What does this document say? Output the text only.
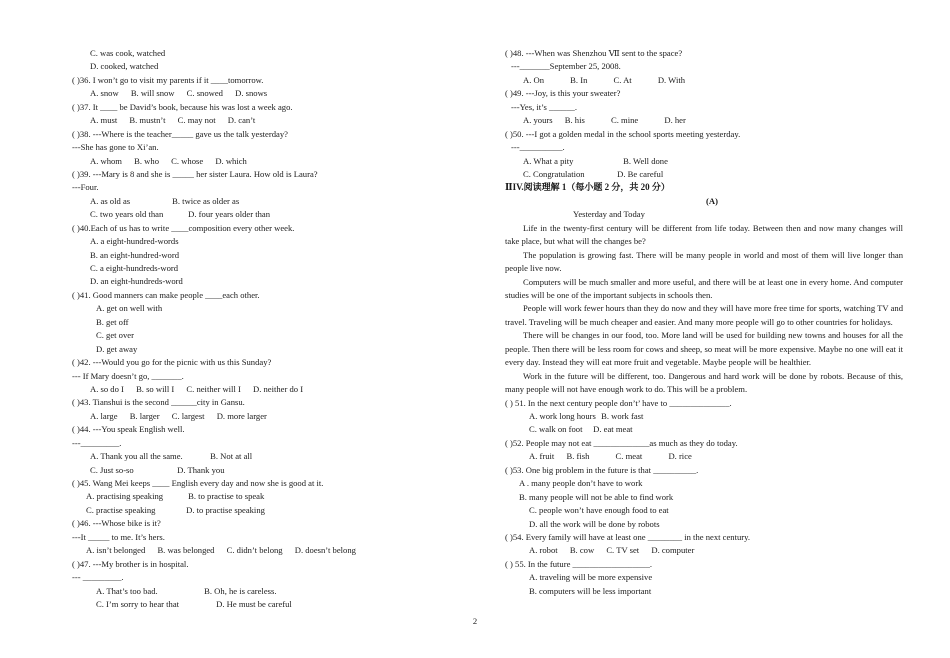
C. was cook, watched
D. cooked, watched
( )36. I won’t go to visit my parents if it ____tomorrow.
A. snow B. will snow C. snowed D. snows
( )37. It ____ be David’s book, because his was lost a week ago.
A. must B. mustn’t C. may not D. can’t
( )38. ---Where is the teacher_____ gave us the talk yesterday?
---She has gone to Xi’an.
A. whom B. who C. whose D. which
( )39. ---Mary is 8 and she is _____ her sister Laura. How old is Laura?
---Four.
A. as old as	B. twice as older as
C. two years old than	D. four years older than
( )40.Each of us has to write ____composition every other week.
A. a eight-hundred-words
B. an eight-hundred-word
C. a eight-hundreds-word
D. an eight-hundreds-word
( )41. Good manners can make people ____each other.
A. get on well with
B. get off
C. get over
D. get away
( )42. ---Would you go for the picnic with us this Sunday?
--- If Mary doesn’t go, _______.
A. so do I B. so will I C. neither will I D. neither do I
( )43. Tianshui is the second ______city in Gansu.
A. large B. larger C. largest D. more larger
( )44. ---You speak English well.
---_________.
A. Thank you all the same.	B. Not at all
C. Just so-so	D. Thank you
( )45. Wang Mei keeps ____ English every day and now she is good at it.
A. practising speaking	B. to practise to speak
C. practise speaking	D. to practise speaking
( )46. ---Whose bike is it?
---It _____ to me. It’s hers.
A. isn’t belonged B. was belonged C. didn’t belong D. doesn’t belong
( )47. ---My brother is in hospital.
--- _________.
A. That’s too bad.	B. Oh, he is careless.
C. I’m sorry to hear that	D. He must be careful
( )48. ---When was Shenzhou Ⅶ sent to the space?
---_______September 25, 2008.
A. On	B. In	C. At	D. With
( )49. ---Joy, is this your sweater?
---Yes, it’s ______.
A. yours B. his	C. mine	D. her
( )50. ---I got a golden medal in the school sports meeting yesterday.
---__________.
A. What a pity	B. Well done
C. Congratulation	D. Be careful
ⅡIV.阅读理解 1（每小题 2 分，共 20 分）
(A)
Yesterday and Today
Life in the twenty-first century will be different from life today. Between then and now many changes will take place, but what will the changes be?
The population is growing fast. There will be many people in world and most of them will live longer than people live now.
Computers will be much smaller and more useful, and there will be at least one in every home. And computer studies will be one of the important subjects in schools then.
People will work fewer hours than they do now and they will have more free time for sports, watching TV and travel. Traveling will be much cheaper and easier. And many more people will go to other countries for holidays.
There will be changes in our food, too. More land will be used for building new towns and houses for all the people. Then there will be less room for cows and sheep, so meat will be more expensive. Maybe no one will eat it every day. Instead they will eat more fruit and vegetable. Maybe people will be healthier.
Work in the future will be different, too. Dangerous and hard work will be done by robots. Because of this, many people will not have enough work to do. This will be a problem.
( ) 51. In the next century people don’t’ have to ______________.
A. work long hours B. work fast
C. walk on foot D. eat meat
( )52. People may not eat _____________as much as they do today.
A. fruit B. fish	C. meat	D. rice
( )53. One big problem in the future is that __________.
A . many people don’t have to work
B. many people will not be able to find work
C. people won’t have enough food to eat
D. all the work will be done by robots
( )54. Every family will have at least one ________ in the next century.
A. robot B. cow C. TV set D. computer
( ) 55. In the future __________________.
A. traveling will be more expensive
B. computers will be less important
2
